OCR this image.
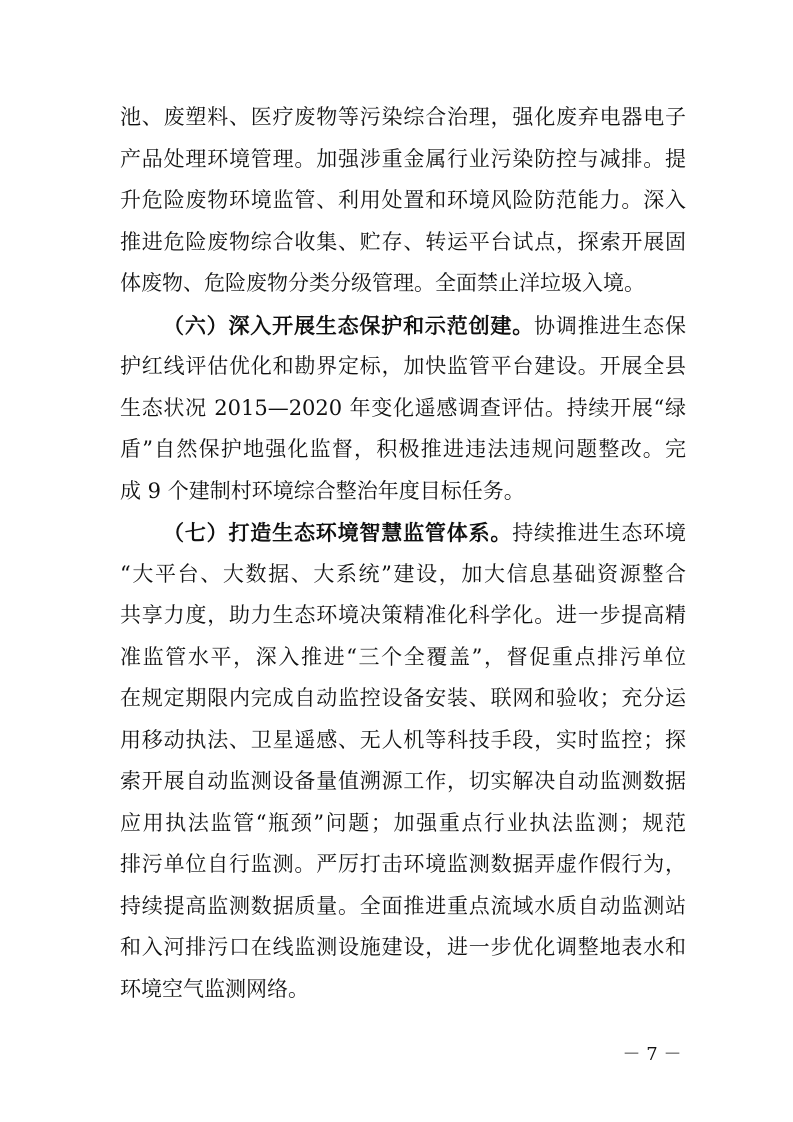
池、废塑料、医疗废物等污染综合治理，强化废弃电器电子
产品处理环境管理。加强涉重金属行业污染防控与减排。提
升危险废物环境监管、利用处置和环境风险防范能力。深入
推进危险废物综合收集、贮存、转运平台试点，探索开展固
体废物、危险废物分类分级管理。全面禁止洋垃圾入境。
（六）深入开展生态保护和示范创建。协调推进生态保
护红线评估优化和勘界定标，加快监管平台建设。开展全县
生态状况 2015—2020 年变化遥感调查评估。持续开展“绿
盾”自然保护地强化监督，积极推进违法违规问题整改。完
成 9 个建制村环境综合整治年度目标任务。
（七）打造生态环境智慧监管体系。持续推进生态环境
“大平台、大数据、大系统”建设，加大信息基础资源整合
共享力度，助力生态环境决策精准化科学化。进一步提高精
准监管水平，深入推进“三个全覆盖”，督促重点排污单位
在规定期限内完成自动监控设备安装、联网和验收；充分运
用移动执法、卫星遥感、无人机等科技手段，实时监控；探
索开展自动监测设备量值溯源工作，切实解决自动监测数据
应用执法监管“瓶颈”问题；加强重点行业执法监测；规范
排污单位自行监测。严厉打击环境监测数据弄虚作假行为，
持续提高监测数据质量。全面推进重点流域水质自动监测站
和入河排污口在线监测设施建设，进一步优化调整地表水和
环境空气监测网络。
－ 7 －
